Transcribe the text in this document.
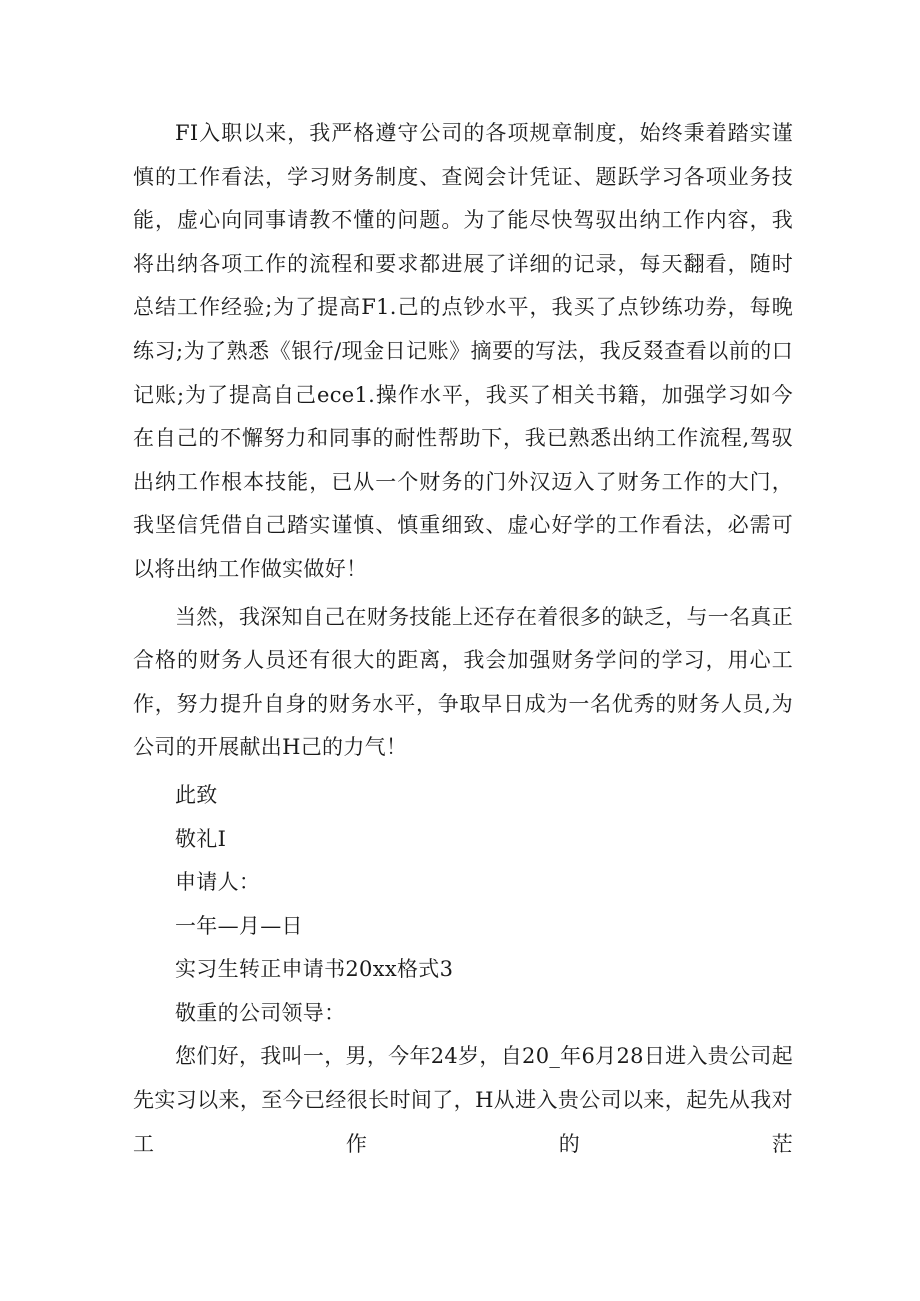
FI入职以来，我严格遵守公司的各项规章制度，始终秉着踏实谨慎的工作看法，学习财务制度、查阅会计凭证、题跃学习各项业务技能，虚心向同事请教不懂的问题。为了能尽快驾驭出纳工作内容，我将出纳各项工作的流程和要求都进展了详细的记录，每天翻看，随时总结工作经验;为了提高F1.己的点钞水平，我买了点钞练功券，每晚练习;为了熟悉《银行/现金日记账》摘要的写法，我反叕查看以前的口记账;为了提高自己ece1.操作水平，我买了相关书籍，加强学习如今在自己的不懈努力和同事的耐性帮助下，我已熟悉出纳工作流程,驾驭出纳工作根本技能，已从一个财务的门外汉迈入了财务工作的大门，我坚信凭借自己踏实谨慎、慎重细致、虚心好学的工作看法，必需可以将出纳工作做实做好！

当然，我深知自己在财务技能上还存在着很多的缺乏，与一名真正合格的财务人员还有很大的距离，我会加强财务学问的学习，用心工作，努力提升自身的财务水平，争取早日成为一名优秀的财务人员,为公司的开展献出H己的力气！

此致

敬礼I

申请人：

一年—月—日

实习生转正申请书20xx格式3

敬重的公司领导：

您们好，我叫一，男，今年24岁，自20_年6月28日进入贵公司起先实习以来，至今已经很长时间了，H从进入贵公司以来，起先从我对工作的茫
